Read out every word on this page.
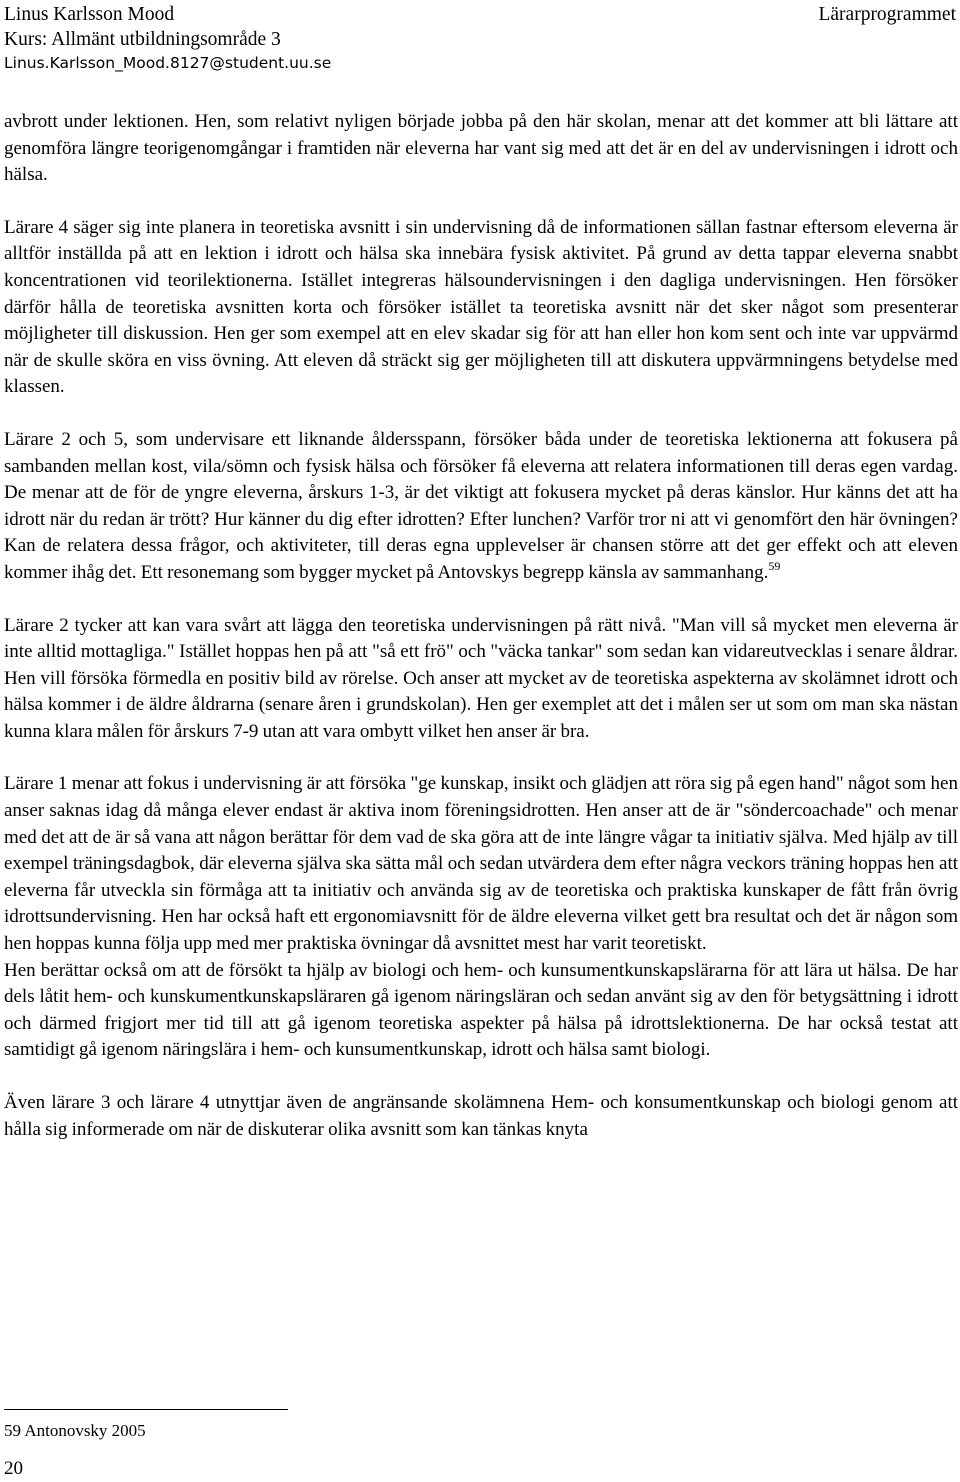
Linus Karlsson Mood
Kurs: Allmänt utbildningsområde 3
Linus.Karlsson_Mood.8127@student.uu.se
Lärarprogrammet

avbrott under lektionen. Hen, som relativt nyligen började jobba på den här skolan, menar att det kommer att bli lättare att genomföra längre teorigenomgångar i framtiden när eleverna har vant sig med att det är en del av undervisningen i idrott och hälsa.

Lärare 4 säger sig inte planera in teoretiska avsnitt i sin undervisning då de informationen sällan fastnar eftersom eleverna är alltför inställda på att en lektion i idrott och hälsa ska innebära fysisk aktivitet. På grund av detta tappar eleverna snabbt koncentrationen vid teorilektionerna. Istället integreras hälsoundervisningen i den dagliga undervisningen. Hen försöker därför hålla de teoretiska avsnitten korta och försöker istället ta teoretiska avsnitt när det sker något som presenterar möjligheter till diskussion. Hen ger som exempel att en elev skadar sig för att han eller hon kom sent och inte var uppvärmd när de skulle sköra en viss övning. Att eleven då sträckt sig ger möjligheten till att diskutera uppvärmningens betydelse med klassen.

Lärare 2 och 5, som undervisare ett liknande åldersspann, försöker båda under de teoretiska lektionerna att fokusera på sambanden mellan kost, vila/sömn och fysisk hälsa och försöker få eleverna att relatera informationen till deras egen vardag. De menar att de för de yngre eleverna, årskurs 1-3, är det viktigt att fokusera mycket på deras känslor. Hur känns det att ha idrott när du redan är trött? Hur känner du dig efter idrotten? Efter lunchen? Varför tror ni att vi genomfört den här övningen? Kan de relatera dessa frågor, och aktiviteter, till deras egna upplevelser är chansen större att det ger effekt och att eleven kommer ihåg det. Ett resonemang som bygger mycket på Antovskys begrepp känsla av sammanhang.$^{59}$

Lärare 2 tycker att kan vara svårt att lägga den teoretiska undervisningen på rätt nivå. "Man vill så mycket men eleverna är inte alltid mottagliga." Istället hoppas hen på att "så ett frö" och "väcka tankar" som sedan kan vidareutvecklas i senare åldrar. Hen vill försöka förmedla en positiv bild av rörelse. Och anser att mycket av de teoretiska aspekterna av skolämnet idrott och hälsa kommer i de äldre åldrarna (senare åren i grundskolan). Hen ger exemplet att det i målen ser ut som om man ska nästan kunna klara målen för årskurs 7-9 utan att vara ombytt vilket hen anser är bra.

Lärare 1 menar att fokus i undervisning är att försöka "ge kunskap, insikt och glädjen att röra sig på egen hand" något som hen anser saknas idag då många elever endast är aktiva inom föreningsidrotten. Hen anser att de är "söndercoachade" och menar med det att de är så vana att någon berättar för dem vad de ska göra att de inte längre vågar ta initiativ själva. Med hjälp av till exempel träningsdagbok, där eleverna själva ska sätta mål och sedan utvärdera dem efter några veckors träning hoppas hen att eleverna får utveckla sin förmåga att ta initiativ och använda sig av de teoretiska och praktiska kunskaper de fått från övrig idrottsundervisning. Hen har också haft ett ergonomiavsnitt för de äldre eleverna vilket gett bra resultat och det är någon som hen hoppas kunna följa upp med mer praktiska övningar då avsnittet mest har varit teoretiskt.

Hen berättar också om att de försökt ta hjälp av biologi och hem- och kunsumentkunskapslärarna för att lära ut hälsa. De har dels låtit hem- och kunskumentkunskapsläraren gå igenom näringsläran och sedan använt sig av den för betygsättning i idrott och därmed frigjort mer tid till att gå igenom teoretiska aspekter på hälsa på idrottslektionerna. De har också testat att samtidigt gå igenom näringslära i hem- och kunsumentkunskap, idrott och hälsa samt biologi.

Även lärare 3 och lärare 4 utnyttjar även de angränsande skolämnena Hem- och konsumentkunskap och biologi genom att hålla sig informerade om när de diskuterar olika avsnitt som kan tänkas knyta

59 Antonovsky 2005
20
